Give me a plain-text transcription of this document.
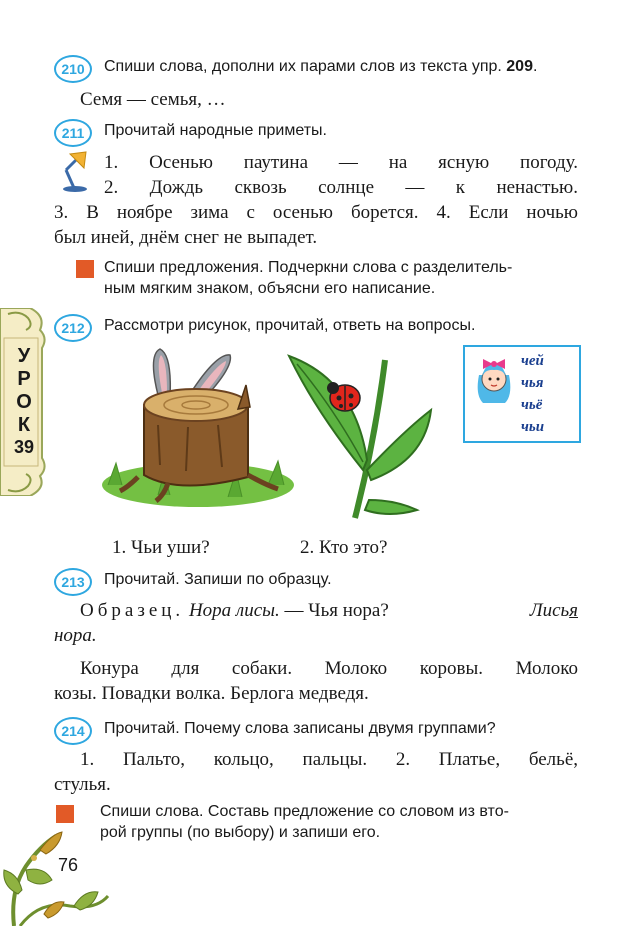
210	Спиши слова, дополни их парами слов из текста упр. 209.
Семя — семья, …
211	Прочитай народные приметы.
1. Осенью паутина — на ясную погоду.
2. Дождь сквозь солнце — к ненастью.
3. В ноябре зима с осенью борется. 4. Если ночью
был иней, днём снег не выпадет.
Спиши предложения. Подчеркни слова с разделитель-
ным мягким знаком, объясни его написание.
У
Р
О
К
39
212	Рассмотри рисунок, прочитай, ответь на вопросы.
чей
чья
чьё
чьи
1. Чьи уши?	2. Кто это?
213	Прочитай. Запиши по образцу.
Образец. Нора лисы. — Чья нора?	Лисья
нора.
Конура для собаки. Молоко коровы. Молоко
козы. Повадки волка. Берлога медведя.
214	Прочитай. Почему слова записаны двумя группами?
1. Пальто, кольцо, пальцы. 2. Платье, бельё,
стулья.
Спиши слова. Составь предложение со словом из вто-
рой группы (по выбору) и запиши его.
76
